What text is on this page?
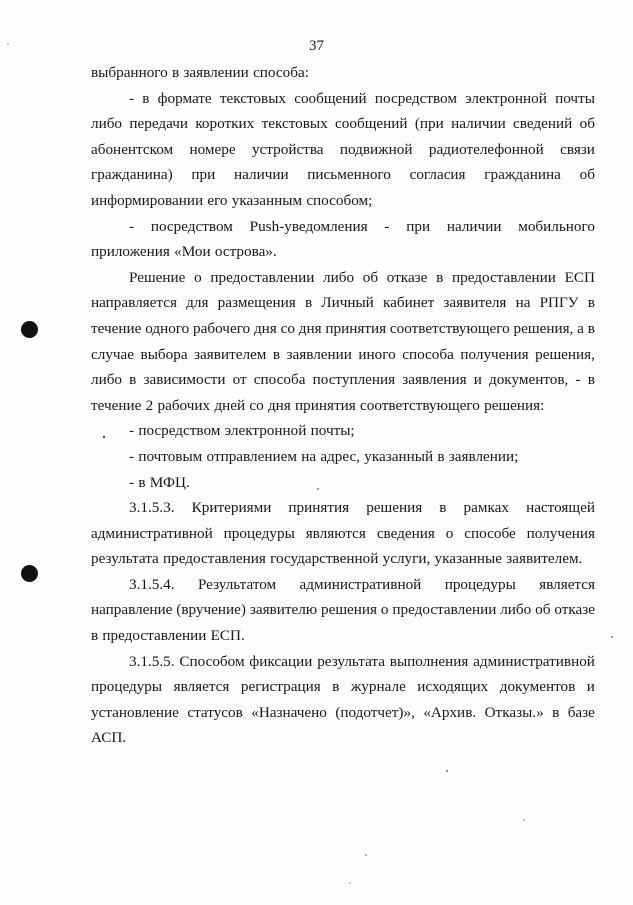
37
выбранного в заявлении способа:
- в формате текстовых сообщений посредством электронной почты
либо передачи коротких текстовых сообщений (при наличии сведений об
абонентском номере устройства подвижной радиотелефонной связи
гражданина) при наличии письменного согласия гражданина об
информировании его указанным способом;
- посредством Push-уведомления - при наличии мобильного
приложения «Мои острова».
Решение о предоставлении либо об отказе в предоставлении ЕСП
направляется для размещения в Личный кабинет заявителя на РПГУ в
течение одного рабочего дня со дня принятия соответствующего решения, а в
случае выбора заявителем в заявлении иного способа получения решения,
либо в зависимости от способа поступления заявления и документов, - в
течение 2 рабочих дней со дня принятия соответствующего решения:
- посредством электронной почты;
- почтовым отправлением на адрес, указанный в заявлении;
- в МФЦ.
3.1.5.3. Критериями принятия решения в рамках настоящей
административной процедуры являются сведения о способе получения
результата предоставления государственной услуги, указанные заявителем.
3.1.5.4. Результатом административной процедуры является
направление (вручение) заявителю решения о предоставлении либо об отказе
в предоставлении ЕСП.
3.1.5.5. Способом фиксации результата выполнения административной
процедуры является регистрация в журнале исходящих документов и
установление статусов «Назначено (подотчет)», «Архив. Отказы.» в базе
АСП.
